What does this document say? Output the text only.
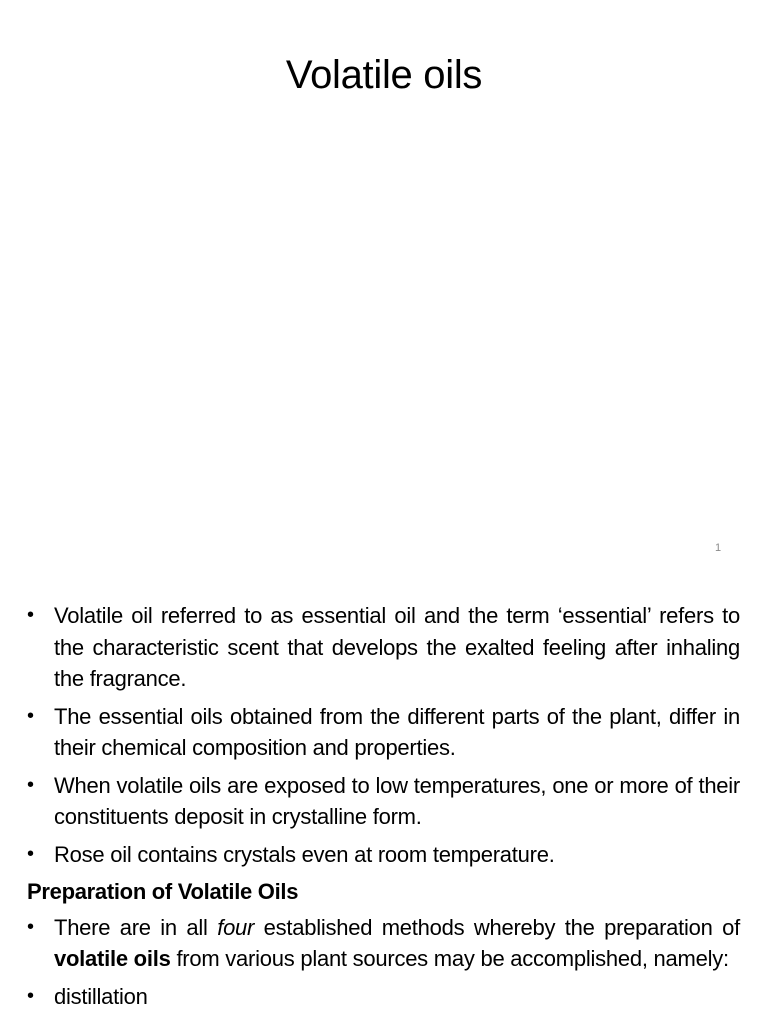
Volatile oils
1
• Volatile oil referred to as essential oil and the term ‘essential’ refers to the characteristic scent that develops the exalted feeling after inhaling the fragrance.
• The essential oils obtained from the different parts of the plant, differ in their chemical composition and properties.
• When volatile oils are exposed to low temperatures, one or more of their constituents deposit in crystalline form.
• Rose oil contains crystals even at room temperature.
Preparation of Volatile Oils
• There are in all four established methods whereby the preparation of volatile oils from various plant sources may be accomplished, namely:
• distillation
